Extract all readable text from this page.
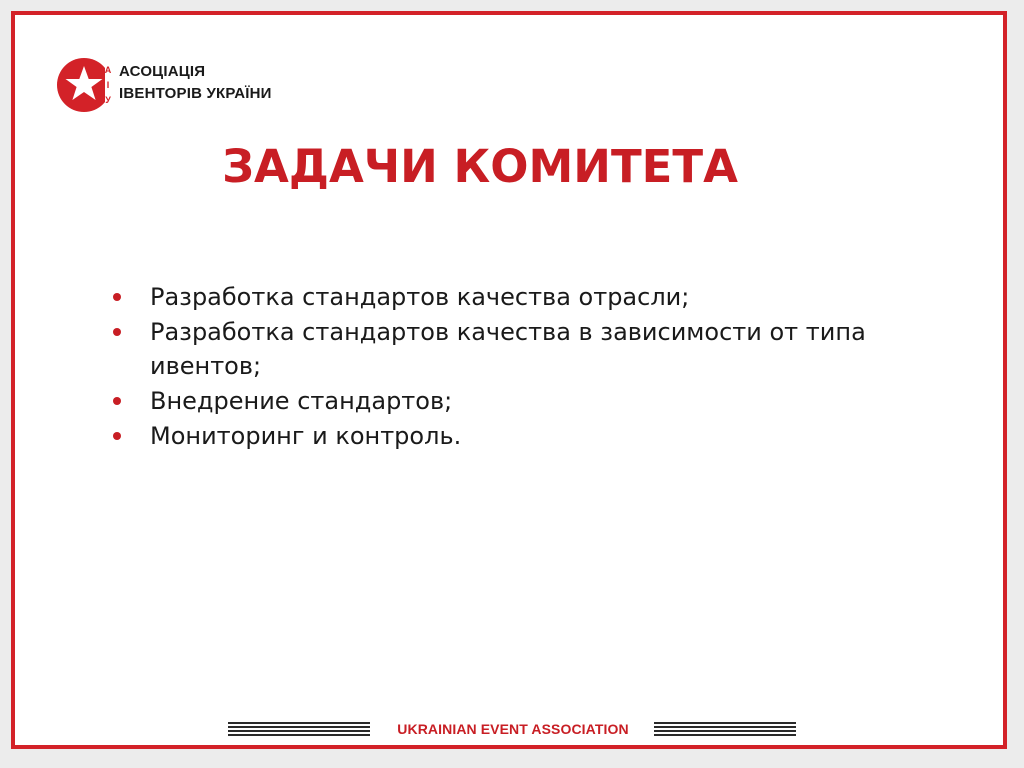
А
І
У
АСОЦІАЦІЯ
ІВЕНТОРІВ УКРАЇНИ
ЗАДАЧИ КОМИТЕТА
Разработка стандартов качества отрасли;
Разработка стандартов качества в зависимости от типа ивентов;
Внедрение стандартов;
Мониторинг и контроль.
UKRAINIAN EVENT ASSOCIATION
